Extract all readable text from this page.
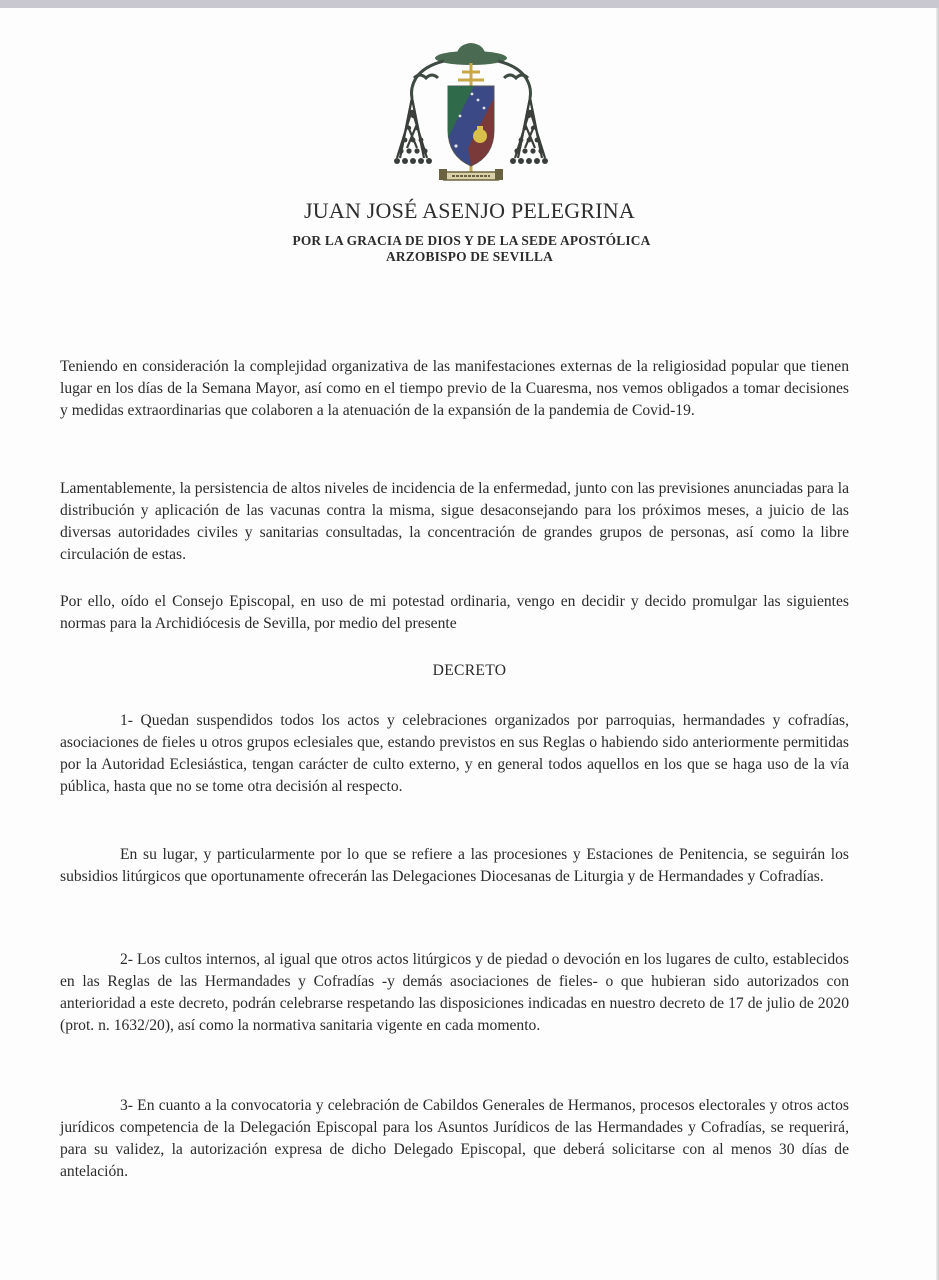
JUAN JOSÉ ASENJO PELEGRINA
POR LA GRACIA DE DIOS Y DE LA SEDE APOSTÓLICA
ARZOBISPO DE SEVILLA

Teniendo en consideración la complejidad organizativa de las manifestaciones externas de la religiosidad popular que tienen lugar en los días de la Semana Mayor, así como en el tiempo previo de la Cuaresma, nos vemos obligados a tomar decisiones y medidas extraordinarias que colaboren a la atenuación de la expansión de la pandemia de Covid-19.

Lamentablemente, la persistencia de altos niveles de incidencia de la enfermedad, junto con las previsiones anunciadas para la distribución y aplicación de las vacunas contra la misma, sigue desaconsejando para los próximos meses, a juicio de las diversas autoridades civiles y sanitarias consultadas, la concentración de grandes grupos de personas, así como la libre circulación de estas.

Por ello, oído el Consejo Episcopal, en uso de mi potestad ordinaria, vengo en decidir y decido promulgar las siguientes normas para la Archidiócesis de Sevilla, por medio del presente

DECRETO

1- Quedan suspendidos todos los actos y celebraciones organizados por parroquias, hermandades y cofradías, asociaciones de fieles u otros grupos eclesiales que, estando previstos en sus Reglas o habiendo sido anteriormente permitidas por la Autoridad Eclesiástica, tengan carácter de culto externo, y en general todos aquellos en los que se haga uso de la vía pública, hasta que no se tome otra decisión al respecto.

En su lugar, y particularmente por lo que se refiere a las procesiones y Estaciones de Penitencia, se seguirán los subsidios litúrgicos que oportunamente ofrecerán las Delegaciones Diocesanas de Liturgia y de Hermandades y Cofradías.

2- Los cultos internos, al igual que otros actos litúrgicos y de piedad o devoción en los lugares de culto, establecidos en las Reglas de las Hermandades y Cofradías -y demás asociaciones de fieles- o que hubieran sido autorizados con anterioridad a este decreto, podrán celebrarse respetando las disposiciones indicadas en nuestro decreto de 17 de julio de 2020 (prot. n. 1632/20), así como la normativa sanitaria vigente en cada momento.

3- En cuanto a la convocatoria y celebración de Cabildos Generales de Hermanos, procesos electorales y otros actos jurídicos competencia de la Delegación Episcopal para los Asuntos Jurídicos de las Hermandades y Cofradías, se requerirá, para su validez, la autorización expresa de dicho Delegado Episcopal, que deberá solicitarse con al menos 30 días de antelación.
